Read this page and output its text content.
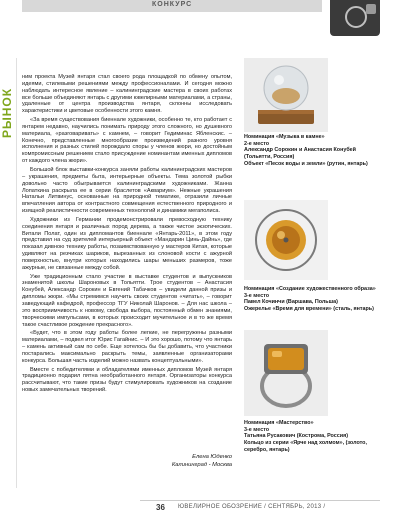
КОНКУРС
РЫНОК

ним проекта Музей янтаря стал своего рода площадкой по обмену опытом, идеями, стилевыми решениями между профессионалами. И сегодня можно наблюдать интересное явление – калининградские мастера в своих работах все больше объединяют янтарь с другими ювелирными материалами, а страны, удаленные от центра производства янтаря, склонны исследовать характеристики и цветовые особенности этого камня.

«За время существования биеннале художники, особенно те, кто работает с янтарем недавно, научились понимать природу этого сложного, но душевного материала, «разговаривать» с камнем, – говорит Гедиминас Ябленскис. – Конечно, представленные многообразие произведений разного уровня исполнения и разных стилей порождало споры у членов жюри, но достойным компромиссным решением стало присуждение номинантам именных дипломов от каждого члена жюри».

Большой блок выставки-конкурса заняли работы калининградских мастеров – украшения, предметы быта, интерьерные объекты. Тема золотой рыбки довольно часто обыгрывается калининградскими художниками. Жанна Лопаткина раскрыла ее в серии браслетов «Аквариум». Нежные украшения Натальи Литвинус, основанные на природной тематике, отразили личные впечатления автора от контрастного совмещения естественного природного и изящной реалистичности современных технологий и динамики мегаполиса.

Художники из Германии продемонстрировали превосходную технику соединения янтаря и различных пород дерева, а также чистое экзотических. Витали Полат, один из дипломантов биеннале «Янтарь-2011», в этом году представил на суд зрителей интерьерный объект «Мандарин Цинь-Дайнь», где показал дивною технику работы, позаимствованную у мастеров Китая, которые удивляют на резчиках шариков, вырезанных из слоновой кости с ажурной поверхностью, внутри которых находились шары меньших размеров, тоже ажурные, не связанные между собой.

Уже традиционным стало участие в выставке студентов и выпускников знаменитой школы Шароновых в Тольятти. Трое студентов – Анастасия Конубей, Александр Сорокин и Евгений Табачков – увидели данной призы и дипломы жюри. «Мы стремимся научить своих студентов «читать», – говорит заведующий кафедрой, профессор ТГУ Николай Шаронов. – Для нас школа – это восприимчивость к новому, свобода выбора, постоянный обмен знаниями, творческими импульсами, в которых происходит мучительное и в то же время такое счастливое рождение прекрасного».

«Будет, что в этом году работы более легкие, не перегружены разными материалами, – подвел итог Юрис Гагайнис. – И это хорошо, потому что янтарь – камень активный сам по себе. Еще хотелось бы бы добавить, что участники постарались максимально раскрыть темы, заявленные организаторами конкурса. Большая часть изделий можно назвать концептуальными».

Вместе с победителями и обладателями именных дипломов Музей янтаря традиционно подарил пятна необработанного янтаря. Организаторы конкурса рассчитывают, что такие призы будут стимулировать художников на создание новых замечательных творений.

Елена Юденко
Калининград - Москва
Номинация «Музыка в камне»
2-е место
Александр Сорокин и Анастасия Конубей
(Тольятти, Россия)
Объект «Песок воды и земли» (рутин, янтарь)
Номинация «Создание художественного образа»
3-е место
Павел Кочинчи (Варшава, Польша)
Ожерелье «Время для времени» (сталь, янтарь)
Номинация «Мастерство»
3-е место
Татьяна Русакович (Кострома, Россия)
Кольцо из серии «Ярче над холмом», (золото,
серебро, янтарь)
36 ЮВЕЛИРНОЕ ОБОЗРЕНИЕ / СЕНТЯБРЬ, 2013 /
